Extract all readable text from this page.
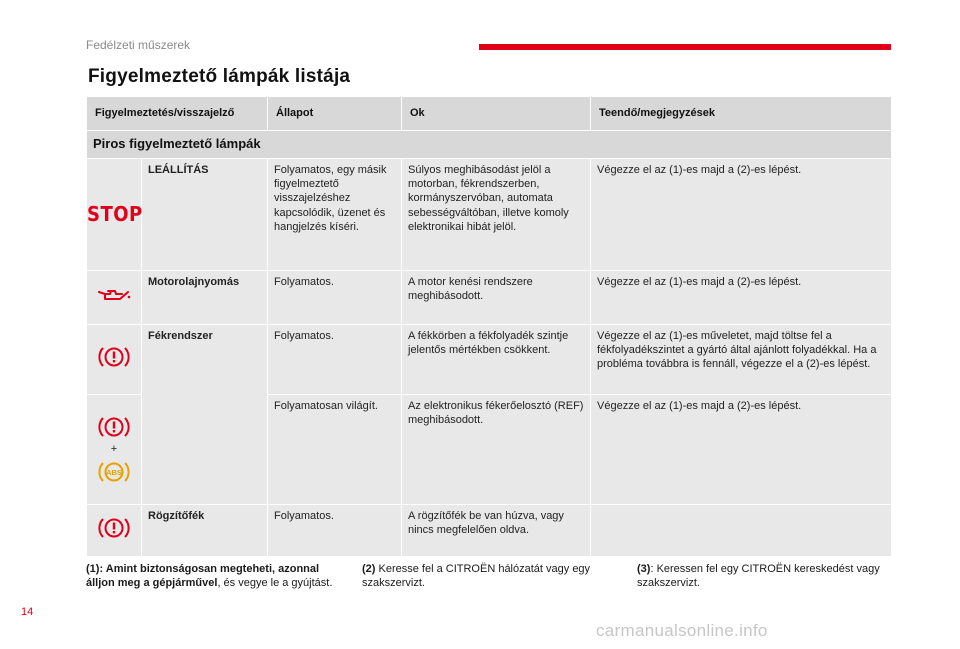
Fedélzeti műszerek
Figyelmeztető lámpák listája
Figyelmeztetés/visszajelző		Állapot	Ok	Teendő/megjegyzések
Piros figyelmeztető lámpák				
STOP	LEÁLLÍTÁS	Folyamatos, egy másik figyelmeztető visszajelzéshez kapcsolódik, üzenet és hangjelzés kíséri.	Súlyos meghibásodást jelöl a motorban, fékrendszerben, kormányszervóban, automata sebességváltóban, illetve komoly elektronikai hibát jelöl.	Végezze el az (1)-es majd a (2)-es lépést.
	Motorolajnyomás	Folyamatos.	A motor kenési rendszere meghibásodott.	Végezze el az (1)-es majd a (2)-es lépést.
	Fékrendszer	Folyamatos.	A fékkörben a fékfolyadék szintje jelentős mértékben csökkent.	Végezze el az (1)-es műveletet, majd töltse fel a fékfolyadékszintet a gyártó által ajánlott folyadékkal. Ha a probléma továbbra is fennáll, végezze el a (2)-es lépést.

+
ABS		Folyamatosan világít.	Az elektronikus fékerőelosztó (REF) meghibásodott.	Végezze el az (1)-es majd a (2)-es lépést.
	Rögzítőfék	Folyamatos.	A rögzítőfék be van húzva, vagy nincs megfelelően oldva.	
(1): Amint biztonságosan megteheti, azonnal álljon meg a gépjárművel, és vegye le a gyújtást.
(2) Keresse fel a CITROËN hálózatát vagy egy szakszervizt.
(3): Keressen fel egy CITROËN kereskedést vagy szakszervizt.
14
carmanualsonline.info
